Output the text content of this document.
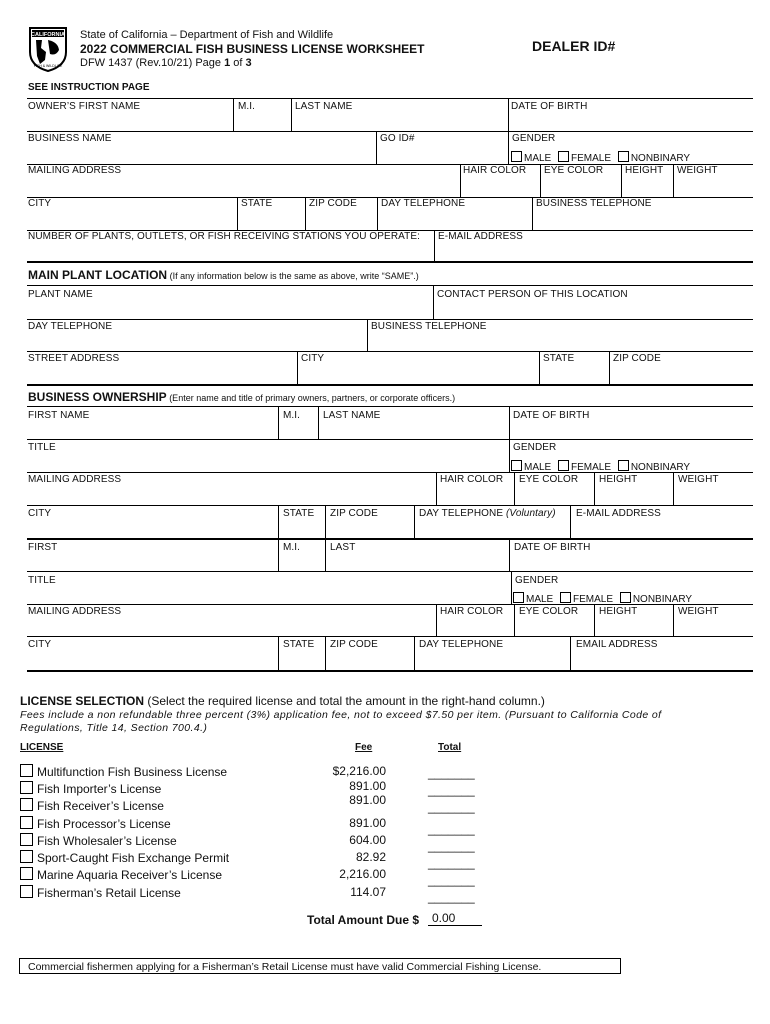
CALIFORNIA
FISH & WILDLIFE
State of California – Department of Fish and Wildlife
2022 COMMERCIAL FISH BUSINESS LICENSE WORKSHEET
DFW 1437 (Rev.10/21) Page 1 of 3
DEALER ID#
SEE INSTRUCTION PAGE
OWNER’S FIRST NAME	M.I.	LAST NAME	DATE OF BIRTH
BUSINESS NAME	GO ID#	GENDER
MALE FEMALE NONBINARY
MAILING ADDRESS	HAIR COLOR EYE COLOR HEIGHT WEIGHT
CITY	STATE	ZIP CODE DAY TELEPHONE	BUSINESS TELEPHONE
NUMBER OF PLANTS, OUTLETS, OR FISH RECEIVING STATIONS YOU OPERATE: E-MAIL ADDRESS
MAIN PLANT LOCATION (If any information below is the same as above, write “SAME”.)
PLANT NAME	CONTACT PERSON OF THIS LOCATION
DAY TELEPHONE	BUSINESS TELEPHONE
STREET ADDRESS	CITY	STATE	ZIP CODE
BUSINESS OWNERSHIP (Enter name and title of primary owners, partners, or corporate officers.)
FIRST NAME	M.I. LAST NAME	DATE OF BIRTH
TITLE	GENDER
MALE FEMALE NONBINARY
MAILING ADDRESS	HAIR COLOR EYE COLOR HEIGHT	WEIGHT
CITY	STATE ZIP CODE	DAY TELEPHONE (Voluntary) E-MAIL ADDRESS
FIRST	M.I.	LAST	DATE OF BIRTH
TITLE	GENDER
MALE FEMALE NONBINARY
MAILING ADDRESS	HAIR COLOR EYE COLOR HEIGHT	WEIGHT
CITY	STATE ZIP CODE	DAY TELEPHONE	EMAIL ADDRESS
LICENSE SELECTION (Select the required license and total the amount in the right-hand column.)
Fees include a non refundable three percent (3%) application fee, not to exceed $7.50 per item. (Pursuant to California Code of Regulations, Title 14, Section 700.4.)
LICENSE	Fee	Total
Multifunction Fish Business License	$2,216.00	_______
Fish Importer’s License	891.00	_______
Fish Receiver’s License	891.00	_______
Fish Processor’s License	891.00	_______
Fish Wholesaler’s License	604.00	_______
Sport-Caught Fish Exchange Permit	82.92	_______
Marine Aquaria Receiver’s License	2,216.00	_______
Fisherman’s Retail License	114.07	_______
Total Amount Due $	0.00
Commercial fishermen applying for a Fisherman’s Retail License must have valid Commercial Fishing License.
